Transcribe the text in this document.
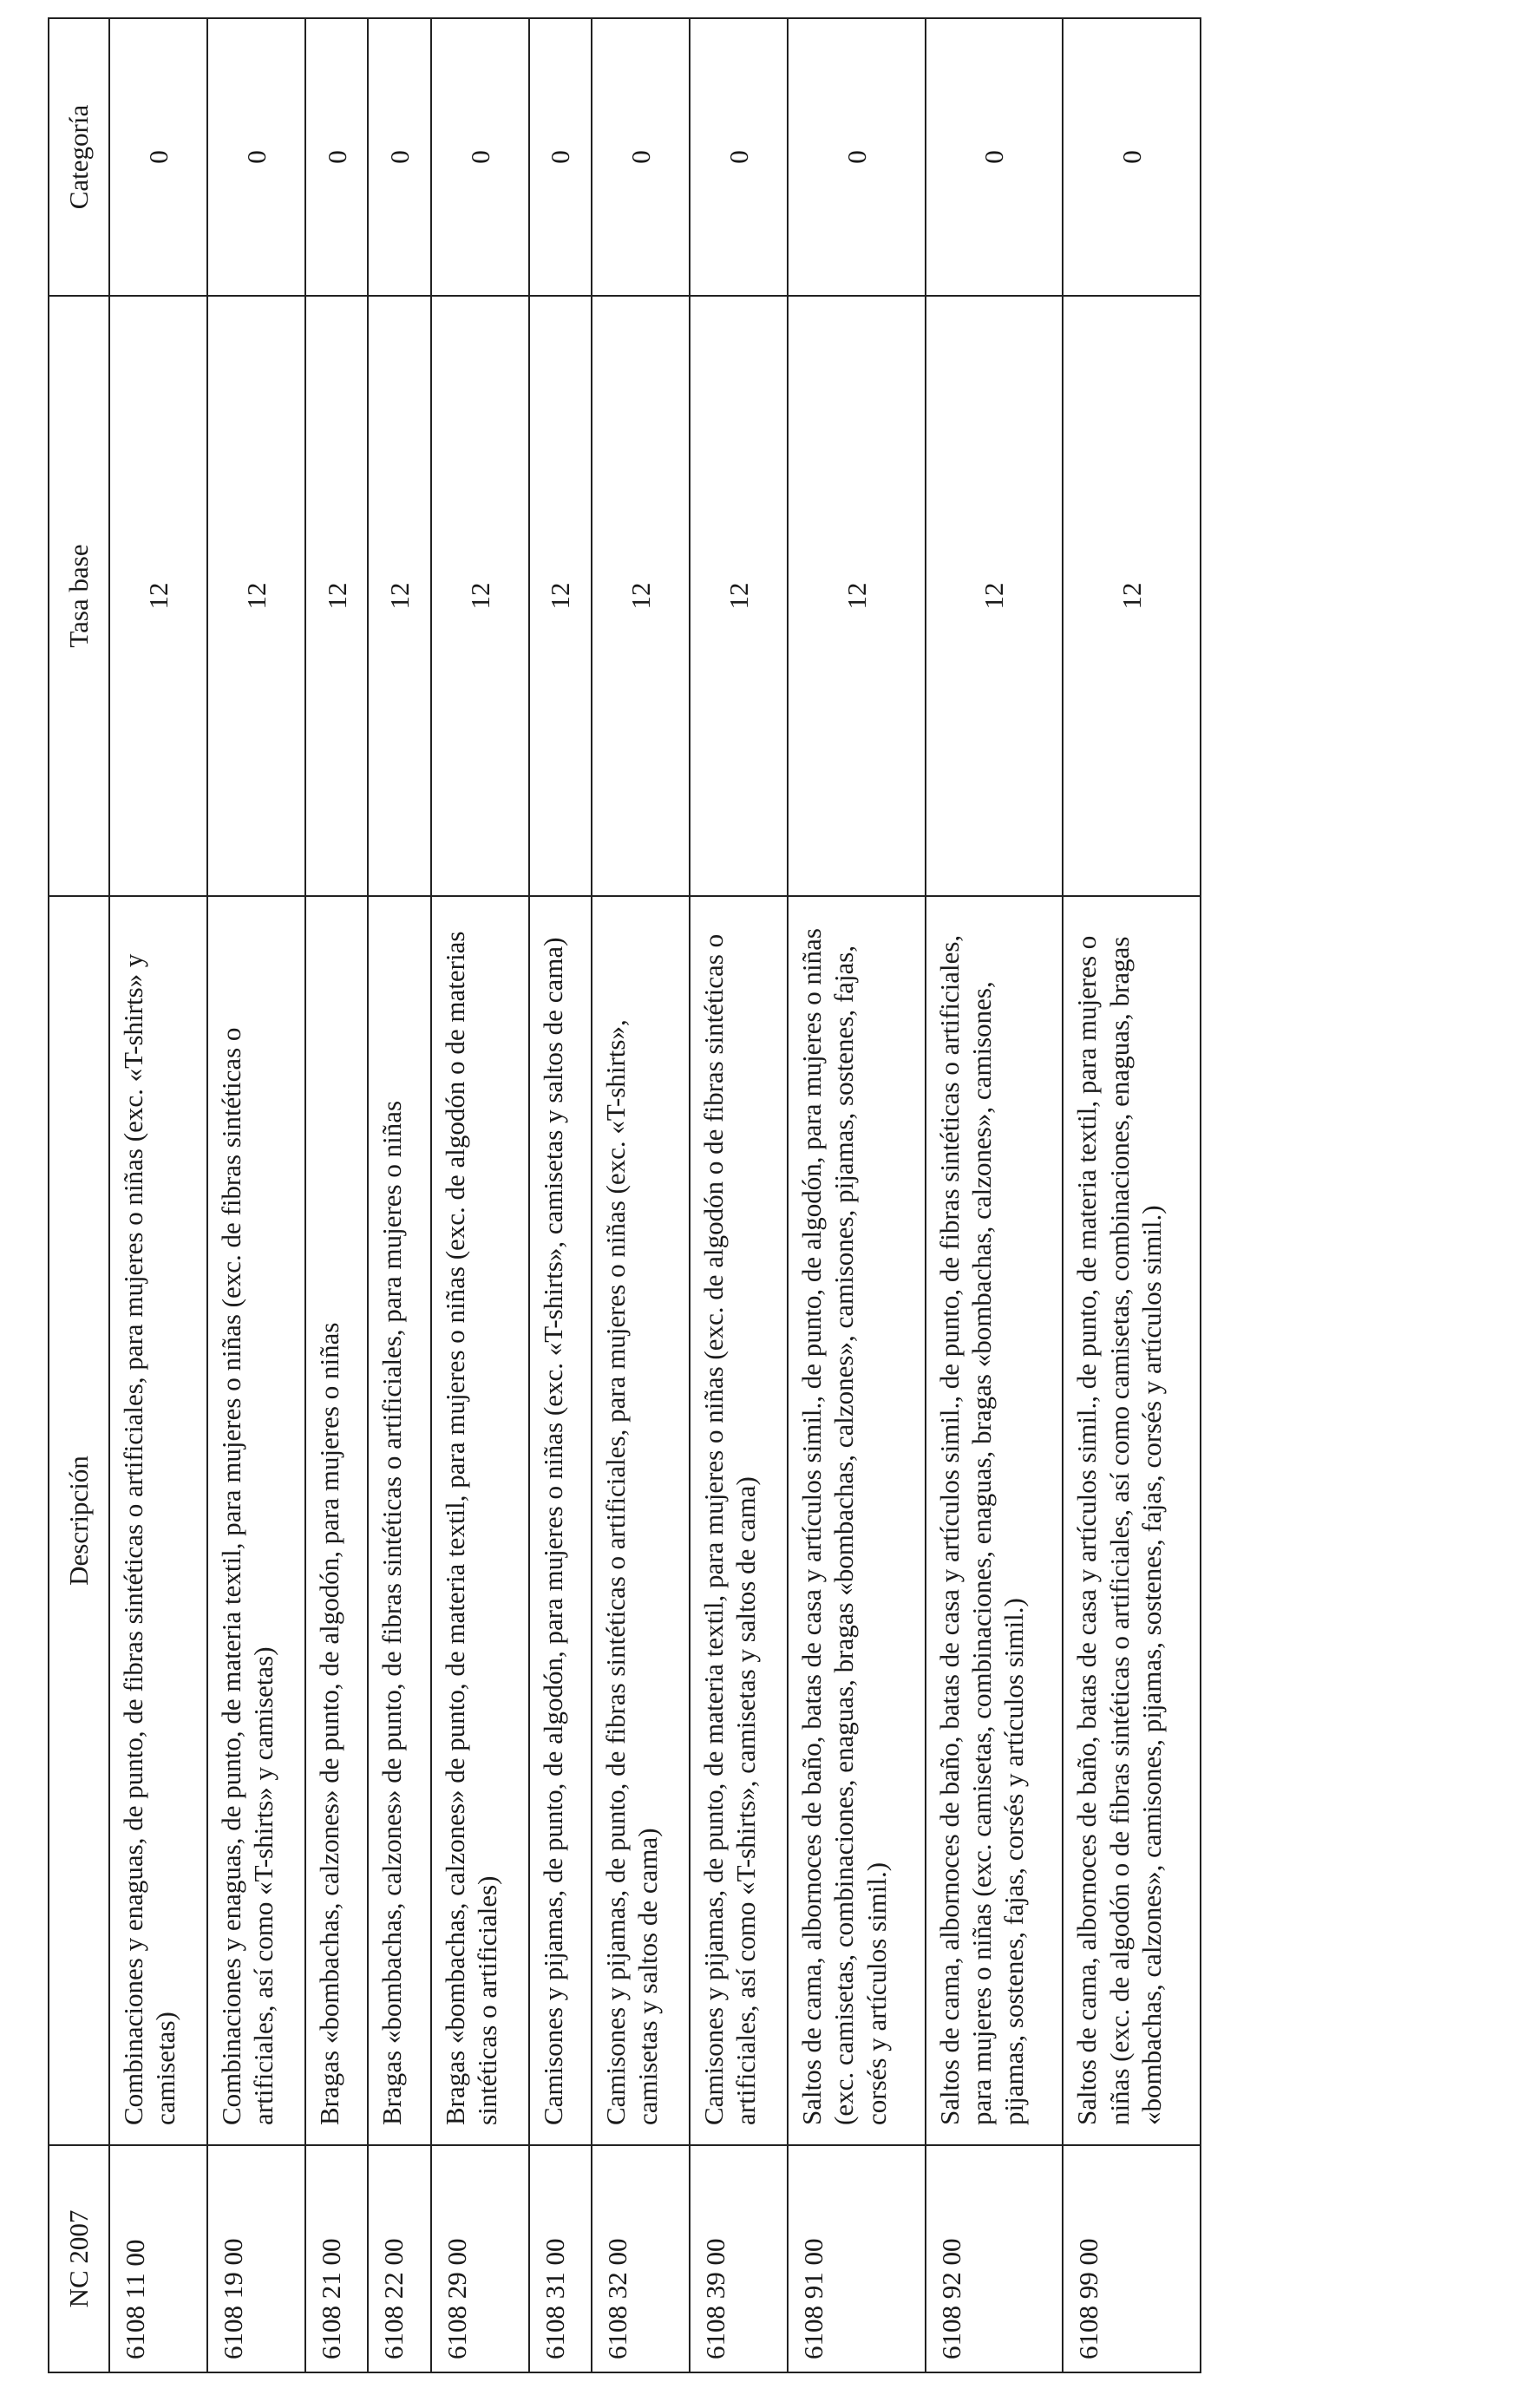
NC 2007	Descripción	Tasa base	Categoría
6108 11 00	Combinaciones y enaguas, de punto, de fibras sintéticas o artificiales, para mujeres o niñas (exc. «T-shirts» y camisetas)	12	0
6108 19 00	Combinaciones y enaguas, de punto, de materia textil, para mujeres o niñas (exc. de fibras sintéticas o artificiales, así como «T-shirts» y camisetas)	12	0
6108 21 00	Bragas «bombachas, calzones» de punto, de algodón, para mujeres o niñas	12	0
6108 22 00	Bragas «bombachas, calzones» de punto, de fibras sintéticas o artificiales, para mujeres o niñas	12	0
6108 29 00	Bragas «bombachas, calzones» de punto, de materia textil, para mujeres o niñas (exc. de algodón o de materias sintéticas o artificiales)	12	0
6108 31 00	Camisones y pijamas, de punto, de algodón, para mujeres o niñas (exc. «T-shirts», camisetas y saltos de cama)	12	0
6108 32 00	Camisones y pijamas, de punto, de fibras sintéticas o artificiales, para mujeres o niñas (exc. «T-shirts», camisetas y saltos de cama)	12	0
6108 39 00	Camisones y pijamas, de punto, de materia textil, para mujeres o niñas (exc. de algodón o de fibras sintéticas o artificiales, así como «T-shirts», camisetas y saltos de cama)	12	0
6108 91 00	Saltos de cama, albornoces de baño, batas de casa y artículos simil., de punto, de algodón, para mujeres o niñas (exc. camisetas, combinaciones, enaguas, bragas «bombachas, calzones», camisones, pijamas, sostenes, fajas, corsés y artículos simil.)	12	0
6108 92 00	Saltos de cama, albornoces de baño, batas de casa y artículos simil., de punto, de fibras sintéticas o artificiales, para mujeres o niñas (exc. camisetas, combinaciones, enaguas, bragas «bombachas, calzones», camisones, pijamas, sostenes, fajas, corsés y artículos simil.)	12	0
6108 99 00	Saltos de cama, albornoces de baño, batas de casa y artículos simil., de punto, de materia textil, para mujeres o niñas (exc. de algodón o de fibras sintéticas o artificiales, así como camisetas, combinaciones, enaguas, bragas «bombachas, calzones», camisones, pijamas, sostenes, fajas, corsés y artículos simil.)	12	0
